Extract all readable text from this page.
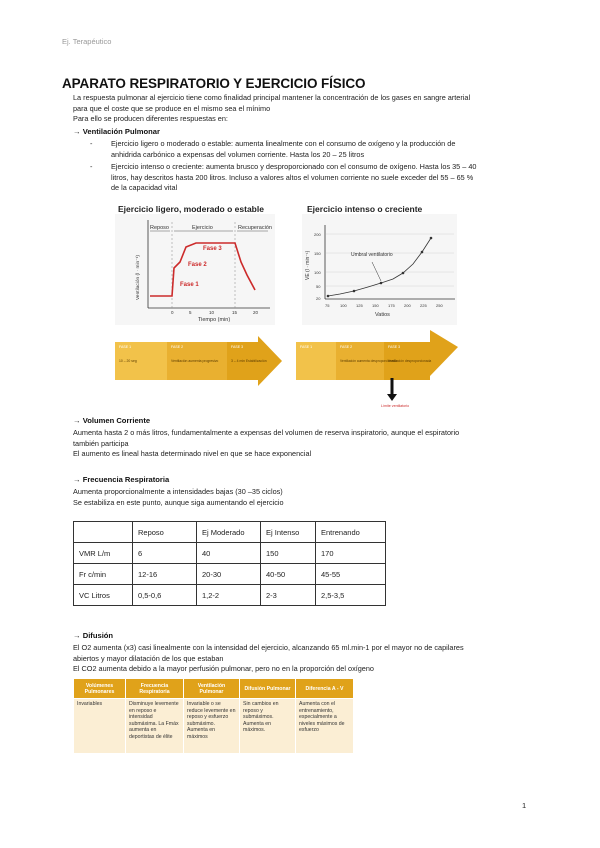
Ej. Terapéutico
APARATO RESPIRATORIO Y EJERCICIO FÍSICO
La respuesta pulmonar al ejercicio tiene como finalidad principal mantener la concentración de los gases en sangre arterial
para que el coste que se produce en el mismo sea el mínimo
Para ello se producen diferentes respuestas en:
→ Ventilación Pulmonar
-	Ejercicio ligero o moderado o estable: aumenta linealmente con el consumo de oxígeno y la producción de
anhidrida carbónico a expensas del volumen corriente. Hasta los 20 – 25 litros
-	Ejercicio intenso o creciente: aumenta brusco y desproporcionado con el consumo de oxígeno. Hasta los 35 – 40
litros, hay descritos hasta 200 litros. Incluso a valores altos el volumen corriente no suele exceder del 55 – 65 %
de la capacidad vital
Ejercicio ligero, moderado o estable
Reposo	Ejercicio	Recuperación
Fase 3
Fase 2
Fase 1
0	5	10	15	20
Tiempo (min)
Ventilación (l · min⁻¹)
Ejercicio intenso o creciente
200
150
100
50
20
Umbral ventilatorio
75	100 125 150 175 200 225 250
Vatios
VE (l · min⁻¹)
FASE 1	FASE 2	FASE 3
10 – 20 seg	Ventilación aumenta progresivo	3 – 4 min Estabilización
FASE 1	FASE 2	FASE 3
Ventilación aumenta desproporcionada
Ventilación desproporcionada
Límite ventilatorio
→ Volumen Corriente
Aumenta hasta 2 o más litros, fundamentalmente a expensas del volumen de reserva inspiratorio, aunque el espiratorio
también participa
El aumento es lineal hasta determinado nivel en que se hace exponencial
→ Frecuencia Respiratoria
Aumenta proporcionalmente a intensidades bajas (30 –35 ciclos)
Se estabiliza en este punto, aunque siga aumentando el ejercicio
	Reposo	Ej Moderado	Ej Intenso	Entrenando
VMR L/m	6	40	150	170
Fr c/min	12-16	20-30	40-50	45-55
VC Litros	0,5-0,6	1,2-2	2-3	2,5-3,5
→ Difusión
El O2 aumenta (x3) casi linealmente con la intensidad del ejercicio, alcanzando 65 ml.min-1 por el mayor no de capilares
abiertos y mayor dilatación de los que estaban
El CO2 aumenta debido a la mayor perfusión pulmonar, pero no en la proporción del oxígeno
Volúmenes Pulmonares	Frecuencia Respiratoria	Ventilación Pulmonar	Difusión Pulmonar	Diferencia A - V
Invariables	Disminuye levemente en reposo e intensidad submáxima. La Fmáx aumenta en deportistas de élite	Invariable o se reduce levemente en reposo y esfuerzo submáximo. Aumenta en máximos	Sin cambios en reposo y submáximos. Aumenta en máximos.	Aumenta con el entrenamiento, especialmente a niveles máximos de esfuerzo
1
